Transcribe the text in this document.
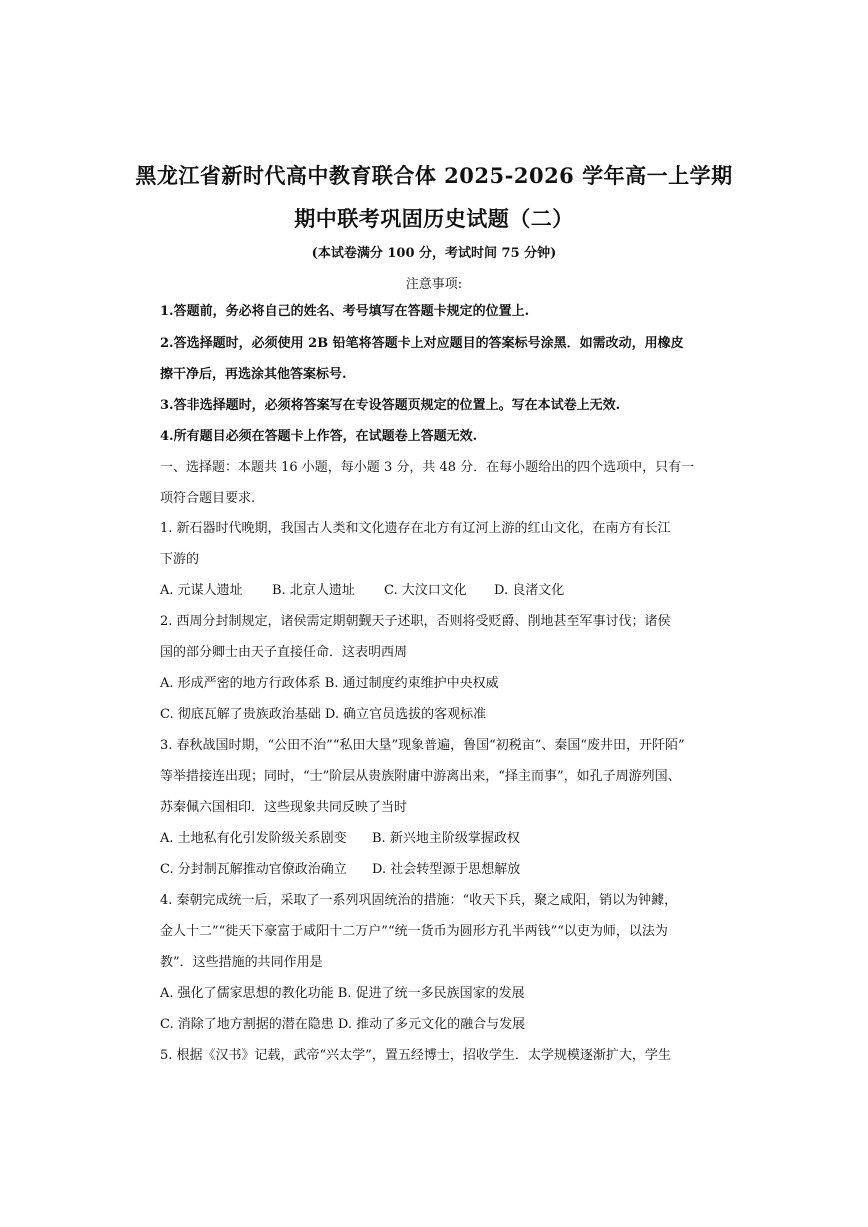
黑龙江省新时代高中教育联合体 2025-2026 学年高一上学期
期中联考巩固历史试题（二）
(本试卷满分 100 分，考试时间 75 分钟)
注意事项:
1.答题前，务必将自己的姓名、考号填写在答题卡规定的位置上.
2.答选择题时，必须使用 2B 铅笔将答题卡上对应题目的答案标号涂黑．如需改动，用橡皮
擦干净后，再选涂其他答案标号.
3.答非选择题时，必须将答案写在专设答题页规定的位置上。写在本试卷上无效.
4.所有题目必须在答题卡上作答，在试题卷上答题无效.
一、选择题：本题共 16 小题，每小题 3 分，共 48 分．在每小题给出的四个选项中，只有一
项符合题目要求.
1. 新石器时代晚期，我国古人类和文化遗存在北方有辽河上游的红山文化，在南方有长江
下游的
A. 元谋人遗址 B. 北京人遗址 C. 大汶口文化 D. 良渚文化
2. 西周分封制规定，诸侯需定期朝觐天子述职，否则将受贬爵、削地甚至军事讨伐；诸侯
国的部分卿士由天子直接任命．这表明西周
A. 形成严密的地方行政体系 B. 通过制度约束维护中央权威
C. 彻底瓦解了贵族政治基础 D. 确立官员选拔的客观标准
3. 春秋战国时期，“公田不治”“私田大垦”现象普遍，鲁国“初税亩”、秦国“废井田，开阡陌”
等举措接连出现；同时，“士”阶层从贵族附庸中游离出来，“择主而事”，如孔子周游列国、
苏秦佩六国相印．这些现象共同反映了当时
A. 土地私有化引发阶级关系剧变 B. 新兴地主阶级掌握政权
C. 分封制瓦解推动官僚政治确立 D. 社会转型源于思想解放
4. 秦朝完成统一后，采取了一系列巩固统治的措施：“收天下兵，聚之咸阳，销以为钟鐻，
金人十二”“徙天下豪富于咸阳十二万户”“统一货币为圆形方孔半两钱”“以吏为师，以法为
教”．这些措施的共同作用是
A. 强化了儒家思想的教化功能 B. 促进了统一多民族国家的发展
C. 消除了地方割据的潜在隐患 D. 推动了多元文化的融合与发展
5. 根据《汉书》记载，武帝“兴太学”，置五经博士，招收学生．太学规模逐渐扩大，学生
